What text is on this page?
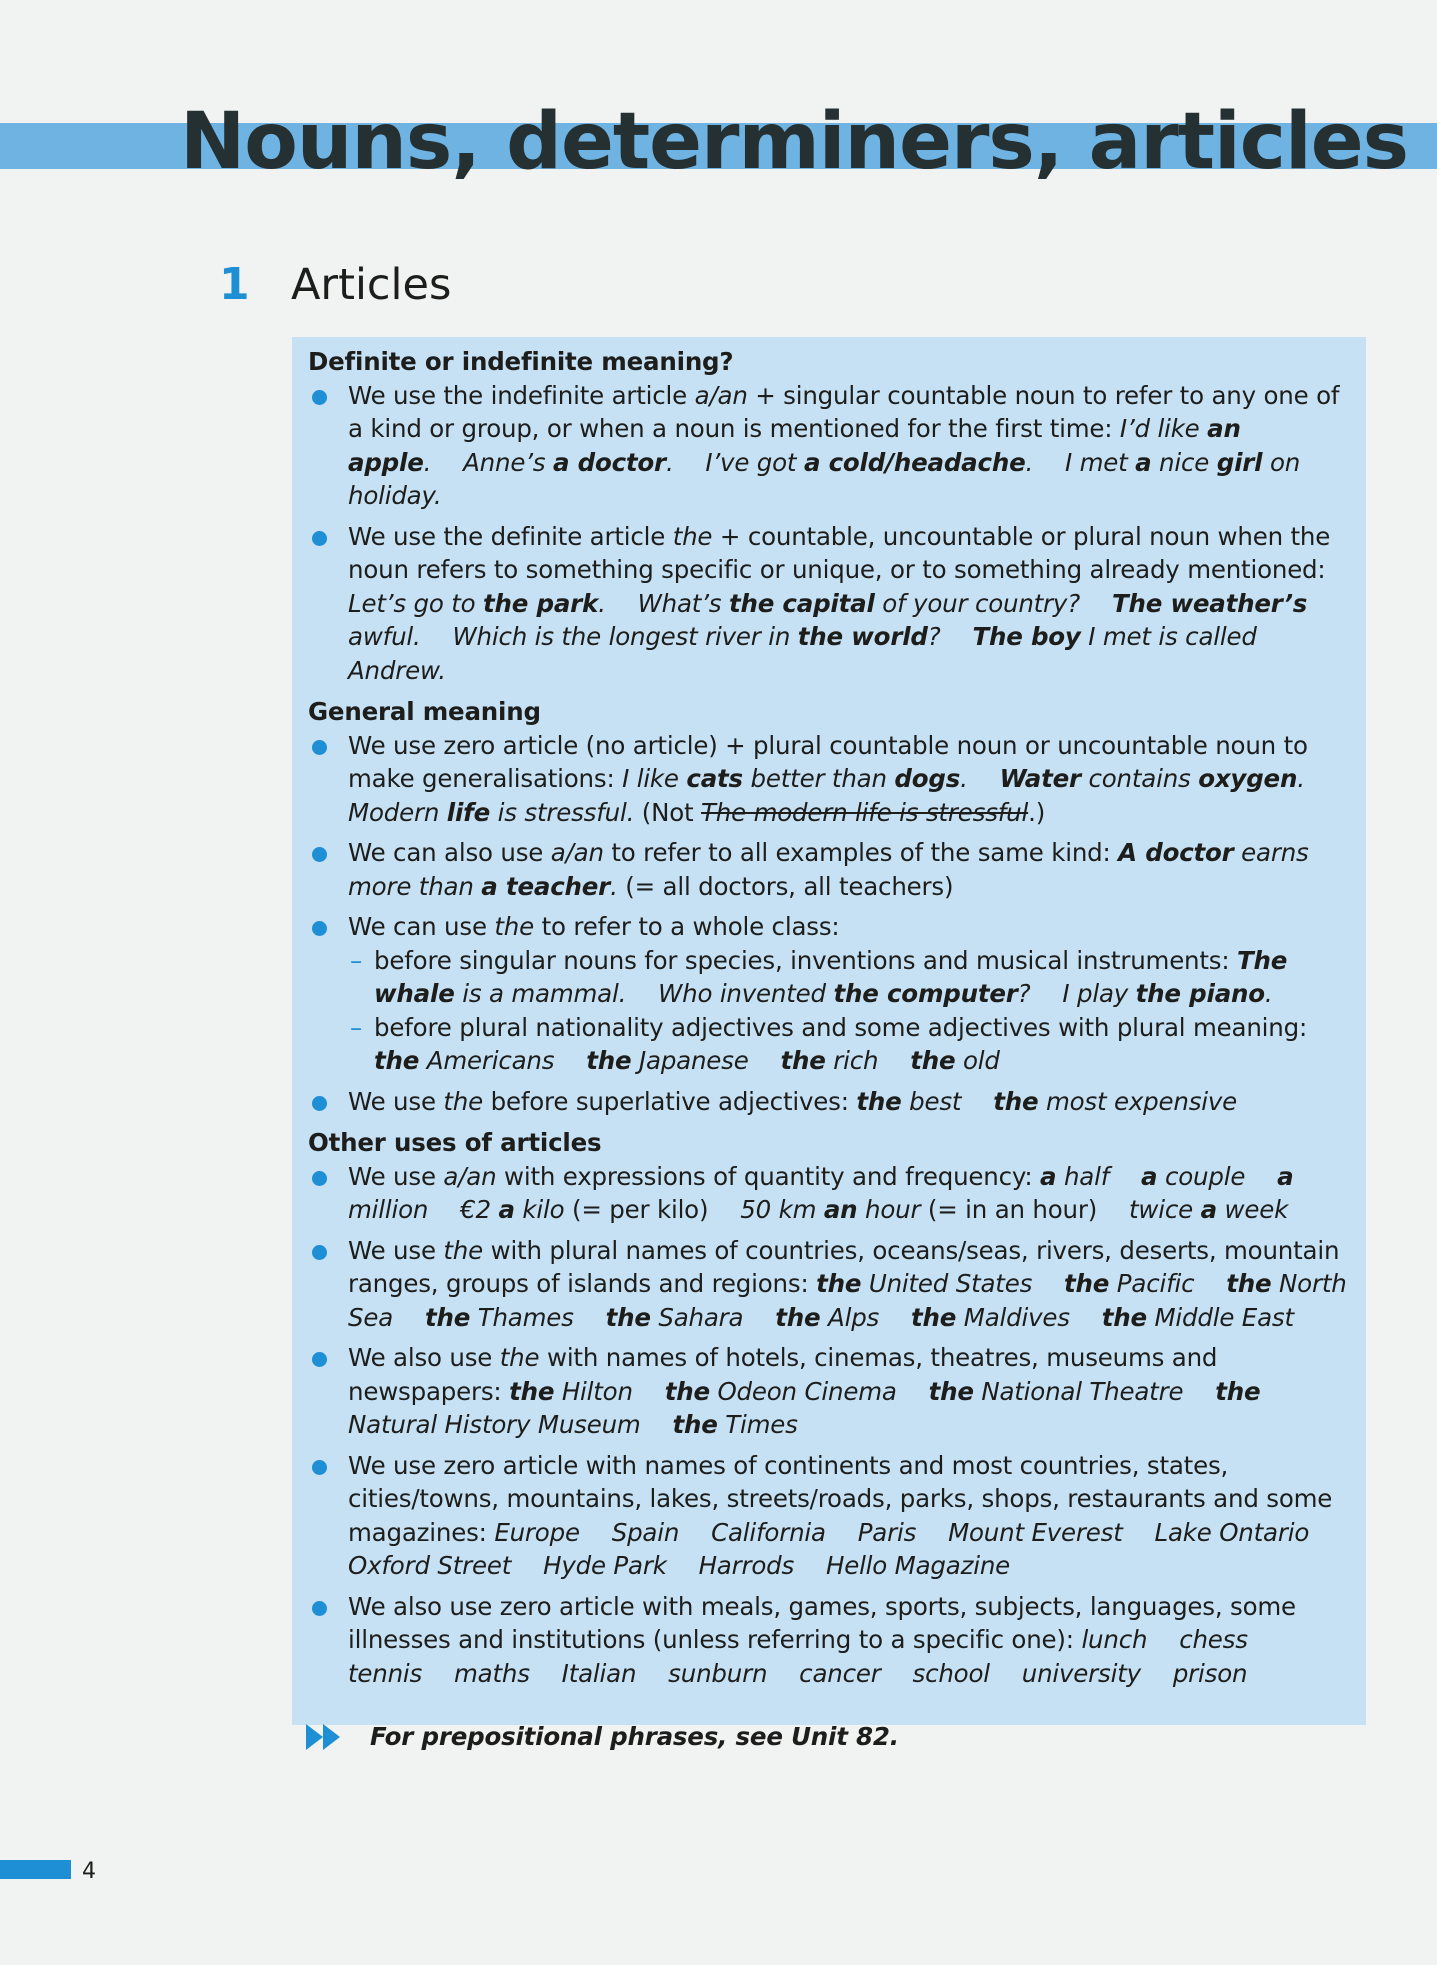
Nouns, determiners, articles
1 Articles
Definite or indefinite meaning?
We use the indefinite article a/an + singular countable noun to refer to any one of a kind or group, or when a noun is mentioned for the first time: I’d like an apple.  Anne’s a doctor.  I’ve got a cold/headache.  I met a nice girl on holiday.
We use the definite article the + countable, uncountable or plural noun when the noun refers to something specific or unique, or to something already mentioned: Let’s go to the park.  What’s the capital of your country?  The weather’s awful.  Which is the longest river in the world?  The boy I met is called Andrew.
General meaning
We use zero article (no article) + plural countable noun or uncountable noun to make generalisations: I like cats better than dogs.  Water contains oxygen.  Modern life is stressful. (Not The modern life is stressful.)
We can also use a/an to refer to all examples of the same kind: A doctor earns more than a teacher. (= all doctors, all teachers)
We can use the to refer to a whole class:
– before singular nouns for species, inventions and musical instruments: The whale is a mammal.  Who invented the computer?  I play the piano.
– before plural nationality adjectives and some adjectives with plural meaning: the Americans  the Japanese  the rich  the old
We use the before superlative adjectives: the best  the most expensive
Other uses of articles
We use a/an with expressions of quantity and frequency: a half  a couple  a million  €2 a kilo (= per kilo)  50 km an hour (= in an hour)  twice a week
We use the with plural names of countries, oceans/seas, rivers, deserts, mountain ranges, groups of islands and regions: the United States  the Pacific  the North Sea  the Thames  the Sahara  the Alps  the Maldives  the Middle East
We also use the with names of hotels, cinemas, theatres, museums and newspapers: the Hilton  the Odeon Cinema  the National Theatre  the Natural History Museum  the Times
We use zero article with names of continents and most countries, states, cities/towns, mountains, lakes, streets/roads, parks, shops, restaurants and some magazines: Europe  Spain  California  Paris  Mount Everest  Lake Ontario  Oxford Street  Hyde Park  Harrods  Hello Magazine
We also use zero article with meals, games, sports, subjects, languages, some illnesses and institutions (unless referring to a specific one): lunch  chess  tennis  maths  Italian  sunburn  cancer  school  university  prison
For prepositional phrases, see Unit 82.
4
